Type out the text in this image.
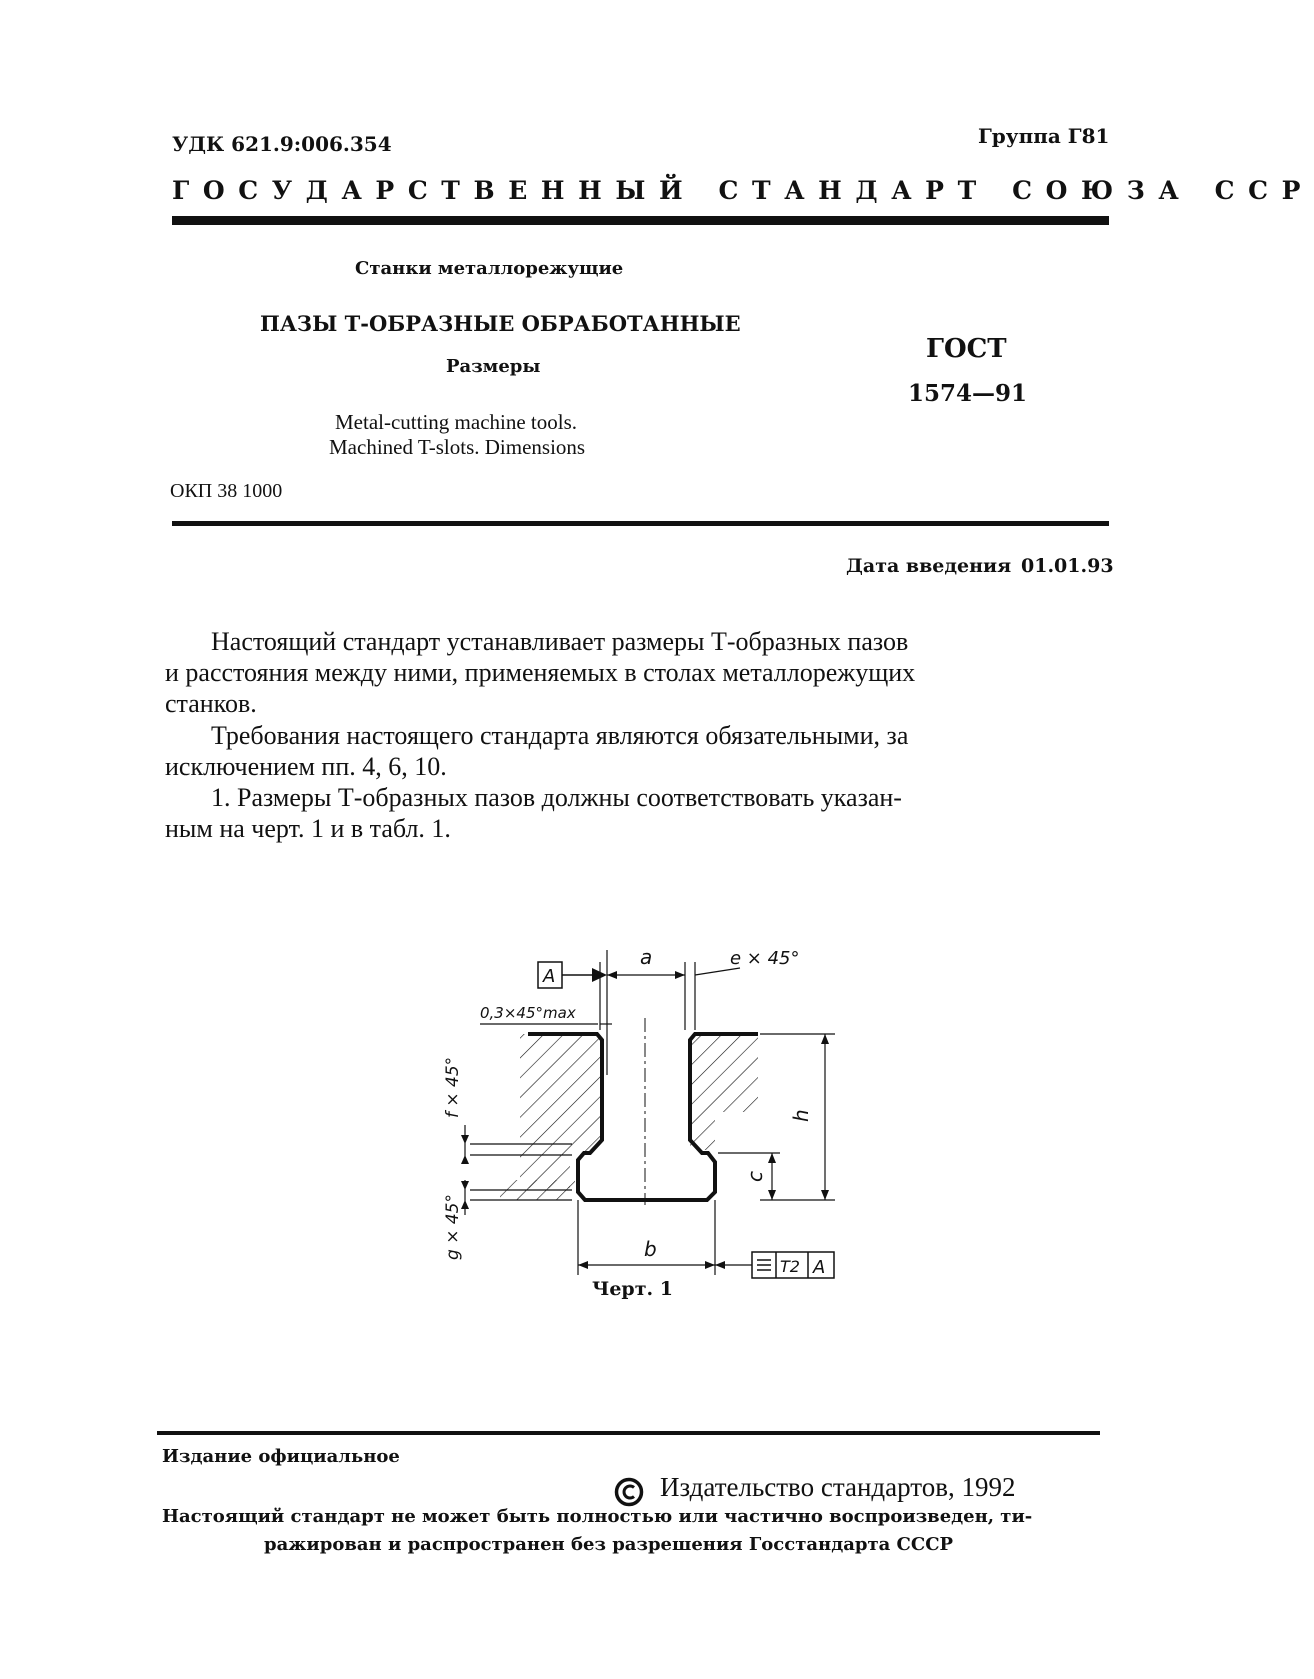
УДК 621.9:006.354	Группа Г81
ГОСУДАРСТВЕННЫЙ СТАНДАРТ СОЮЗА ССР
Станки металлорежущие
ПАЗЫ Т-ОБРАЗНЫЕ ОБРАБОТАННЫЕ
Размеры
Metal-cutting machine tools.
Machined T-slots. Dimensions
ГОСТ
1574—91
ОКП 38 1000
Дата введения 01.01.93
Настоящий стандарт устанавливает размеры Т-образных пазов
и расстояния между ними, применяемых в столах металлорежущих
станков.
Требования настоящего стандарта являются обязательными, за
исключением пп. 4, 6, 10.
1. Размеры Т-образных пазов должны соответствовать указан-
ным на черт. 1 и в табл. 1.
A
a	e × 45°
0,3×45°max
h
c
f × 45°
g × 45°	b
T2 A
Черт. 1
Издание официальное
Издательство стандартов, 1992
Настоящий стандарт не может быть полностью или частично воспроизведен, ти-
ражирован и распространен без разрешения Госстандарта СССР
